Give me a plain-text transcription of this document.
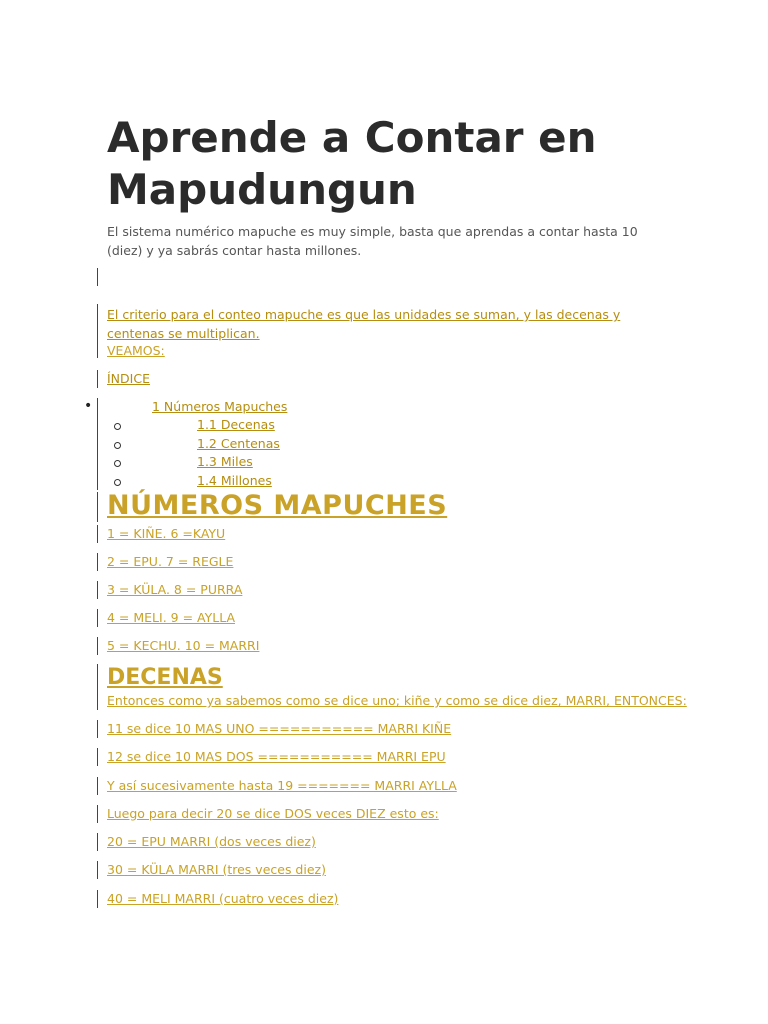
Aprende a Contar en Mapudungun
El sistema numérico mapuche es muy simple, basta que aprendas a contar hasta 10 (diez) y ya sabrás contar hasta millones.
El criterio para el conteo mapuche es que las unidades se suman, y las decenas y centenas se multiplican.
VEAMOS:
ÍNDICE
•	1 Números Mapuches
1.1 Decenas
1.2 Centenas
1.3 Miles
1.4 Millones
NÚMEROS MAPUCHES
1 = KIÑE. 6 =KAYU
2 = EPU. 7 = REGLE
3 = KÜLA. 8 = PURRA
4 = MELI. 9 = AYLLA
5 = KECHU. 10 = MARRI
DECENAS
Entonces como ya sabemos como se dice uno; kiñe y como se dice diez, MARRI, ENTONCES:
11 se dice 10 MAS UNO =========== MARRI KIÑE
12 se dice 10 MAS DOS =========== MARRI EPU
Y así sucesivamente hasta 19 ======= MARRI AYLLA
Luego para decir 20 se dice DOS veces DIEZ esto es:
20 = EPU MARRI (dos veces diez)
30 = KÜLA MARRI (tres veces diez)
40 = MELI MARRI (cuatro veces diez)
